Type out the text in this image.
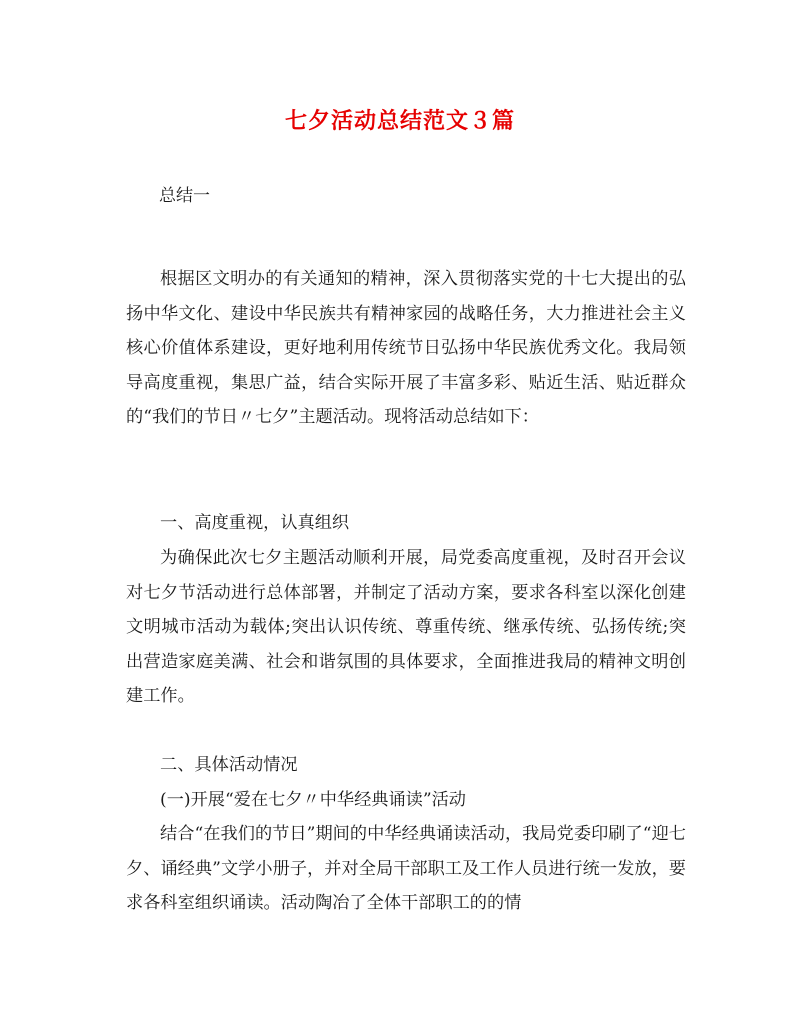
七夕活动总结范文３篇
总结一

根据区文明办的有关通知的精神，深入贯彻落实党的十七大提出的弘扬中华文化、建设中华民族共有精神家园的战略任务，大力推进社会主义核心价值体系建设，更好地利用传统节日弘扬中华民族优秀文化。我局领导高度重视，集思广益，结合实际开展了丰富多彩、贴近生活、贴近群众的“我们的节日〃七夕”主题活动。现将活动总结如下：

一、高度重视，认真组织

为确保此次七夕主题活动顺利开展，局党委高度重视，及时召开会议对七夕节活动进行总体部署，并制定了活动方案，要求各科室以深化创建文明城市活动为载体;突出认识传统、尊重传统、继承传统、弘扬传统;突出营造家庭美满、社会和谐氛围的具体要求，全面推进我局的精神文明创建工作。

二、具体活动情况

(一)开展“爱在七夕〃中华经典诵读”活动

结合“在我们的节日”期间的中华经典诵读活动，我局党委印刷了“迎七夕、诵经典”文学小册子，并对全局干部职工及工作人员进行统一发放，要求各科室组织诵读。活动陶冶了全体干部职工的的情
